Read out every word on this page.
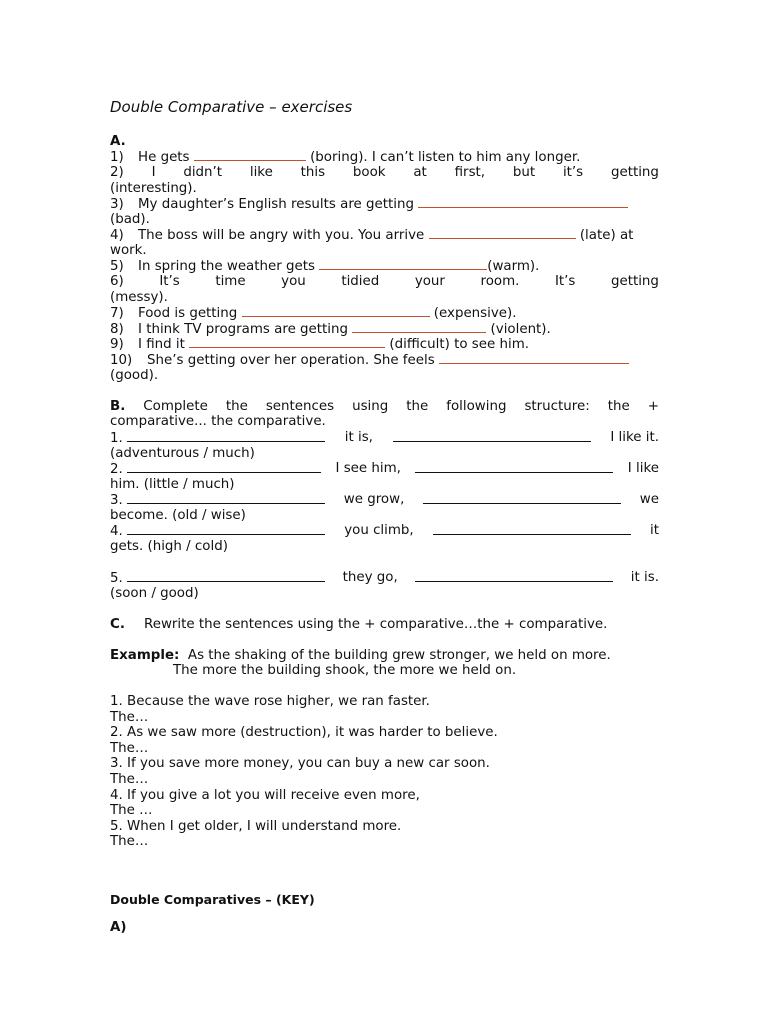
Double Comparative – exercises
A.
1) He gets	(boring). I can’t listen to him any longer.
2) I didn’t like this book at first, but it’s getting
(interesting).
3) My daughter’s English results are getting
(bad).
4) The boss will be angry with you. You arrive	(late) at
work.
5) In spring the weather gets	(warm).
6)	It’s	time	you	tidied	your	room.	It’s	getting
(messy).
7) Food is getting	(expensive).
8) I think TV programs are getting	(violent).
9) I find it	(difficult) to see him.
10) She’s getting over her operation. She feels
(good).
B. Complete the sentences using the following structure: the +
comparative... the comparative.
1.	it is,	I like it.
(adventurous / much)
2.	I see him,	I like
him. (little / much)
3.	we grow,	we
become. (old / wise)
4.	you climb,	it
gets. (high / cold)
5.	they go,	it is.
(soon / good)
C. Rewrite the sentences using the + comparative…the + comparative.
Example: As the shaking of the building grew stronger, we held on more.
The more the building shook, the more we held on.
1. Because the wave rose higher, we ran faster.
The…
2. As we saw more (destruction), it was harder to believe.
The…
3. If you save more money, you can buy a new car soon.
The…
4. If you give a lot you will receive even more,
The …
5. When I get older, I will understand more.
The…
Double Comparatives – (KEY)
A)
